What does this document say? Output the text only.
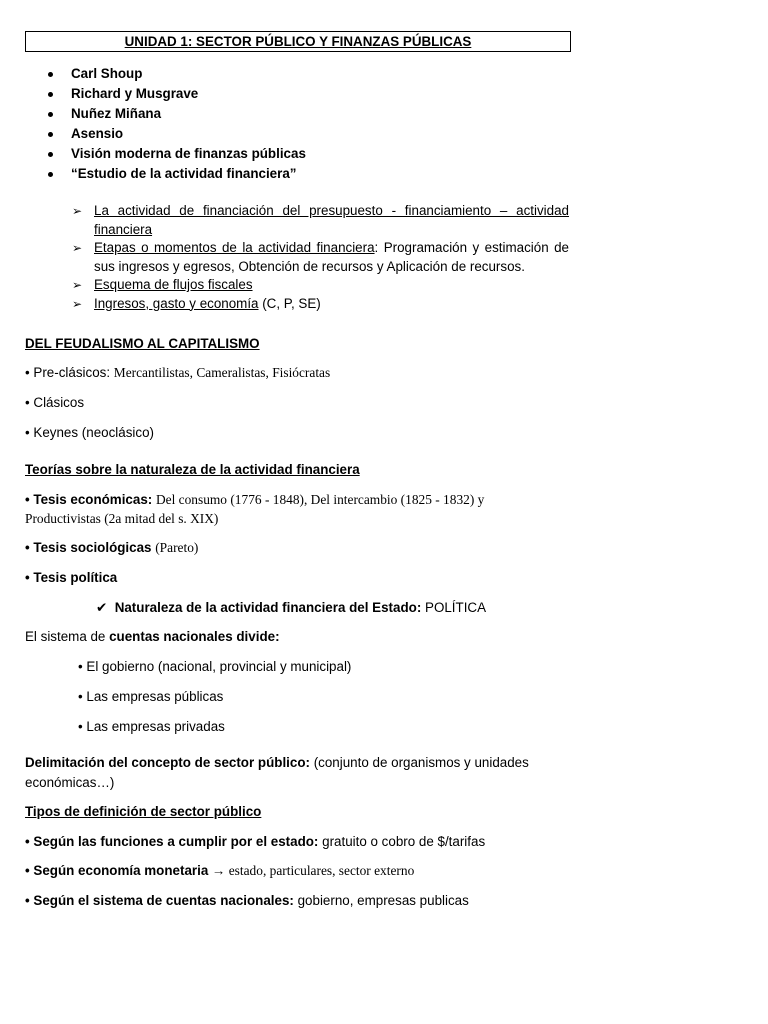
UNIDAD 1: SECTOR PÚBLICO Y FINANZAS PÚBLICAS
Carl Shoup
Richard y Musgrave
Nuñez Miñana
Asensio
Visión moderna de finanzas públicas
“Estudio de la actividad financiera”
➢ La actividad de financiación del presupuesto - financiamiento – actividad financiera
➢ Etapas o momentos de la actividad financiera: Programación y estimación de sus ingresos y egresos, Obtención de recursos y Aplicación de recursos.
➢ Esquema de flujos fiscales
➢ Ingresos, gasto y economía (C, P, SE)
DEL FEUDALISMO AL CAPITALISMO
• Pre-clásicos: Mercantilistas, Cameralistas, Fisiócratas
• Clásicos
• Keynes (neoclásico)
Teorías sobre la naturaleza de la actividad financiera
• Tesis económicas: Del consumo (1776 - 1848), Del intercambio (1825 - 1832) y
Productivistas (2a mitad del s. XIX)
• Tesis sociológicas (Pareto)
• Tesis política
✔ Naturaleza de la actividad financiera del Estado: POLÍTICA
El sistema de cuentas nacionales divide:
• El gobierno (nacional, provincial y municipal)
• Las empresas públicas
• Las empresas privadas
Delimitación del concepto de sector público: (conjunto de organismos y unidades
económicas…)
Tipos de definición de sector público
• Según las funciones a cumplir por el estado: gratuito o cobro de $/tarifas
• Según economía monetaria → estado, particulares, sector externo
• Según el sistema de cuentas nacionales: gobierno, empresas publicas
